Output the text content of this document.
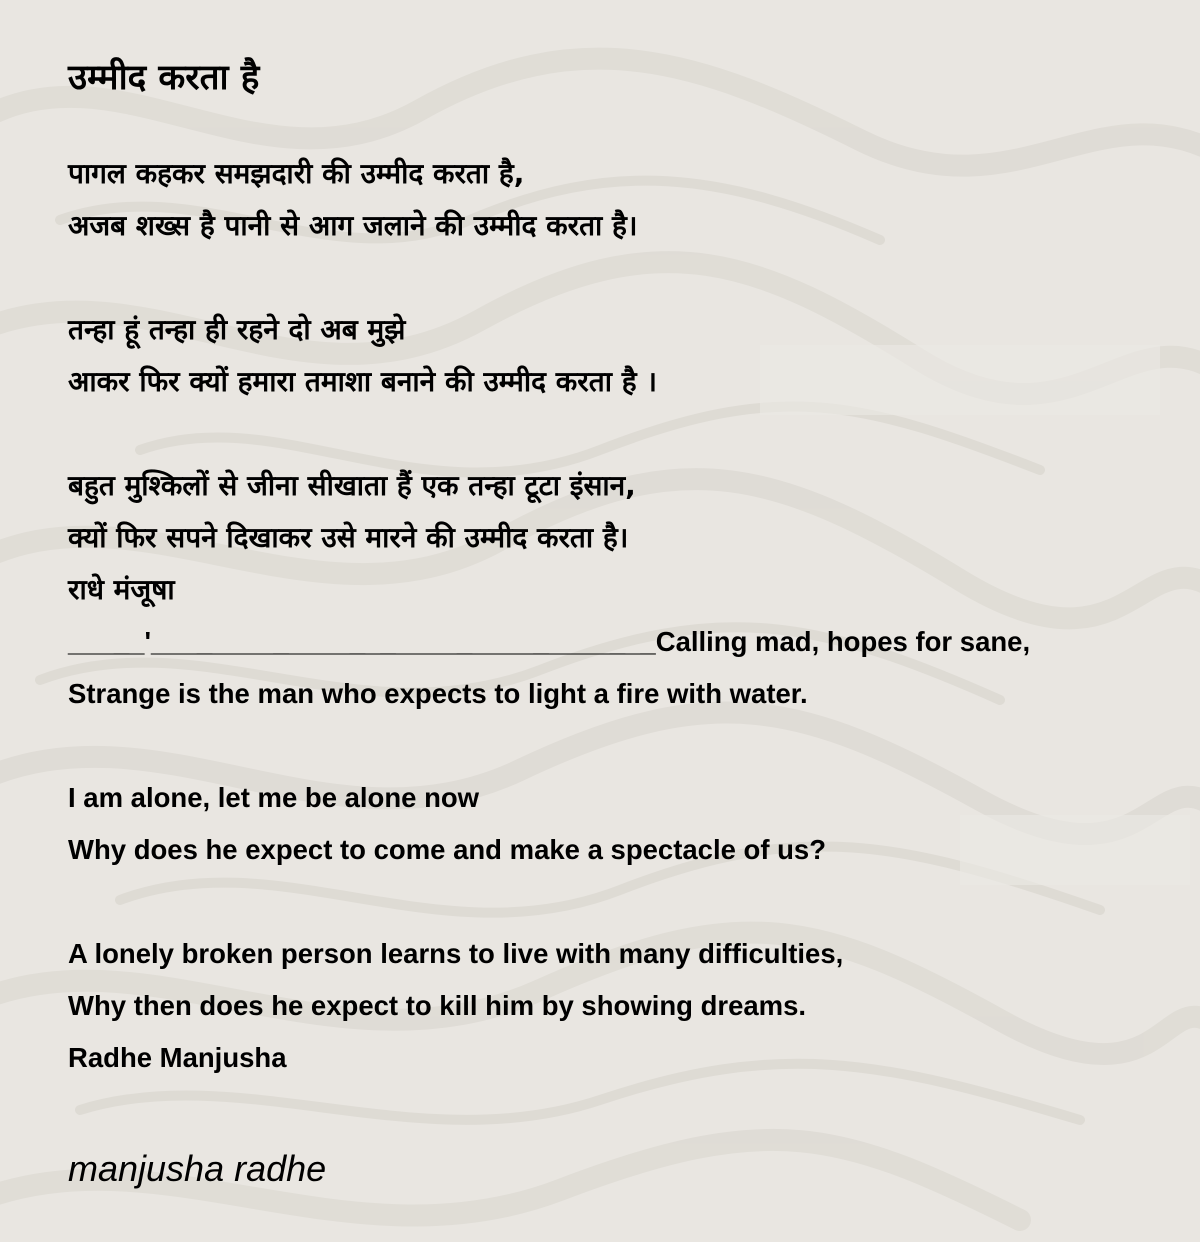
उम्मीद करता है
पागल कहकर समझदारी की उम्मीद करता है,
अजब शख्स है पानी से आग जलाने की उम्मीद करता है।
तन्हा हूं तन्हा ही रहने दो अब मुझे
आकर फिर क्यों हमारा तमाशा बनाने की उम्मीद करता है ।
बहुत मुश्किलों से जीना सीखाता हैं एक तन्हा टूटा इंसान,
क्यों फिर सपने दिखाकर उसे मारने की उम्मीद करता है।
राधे मंजूषा
_____'_________________________________Calling mad, hopes for sane,
Strange is the man who expects to light a fire with water.
I am alone, let me be alone now
Why does he expect to come and make a spectacle of us?
A lonely broken person learns to live with many difficulties,
Why then does he expect to kill him by showing dreams.
Radhe Manjusha
manjusha radhe
